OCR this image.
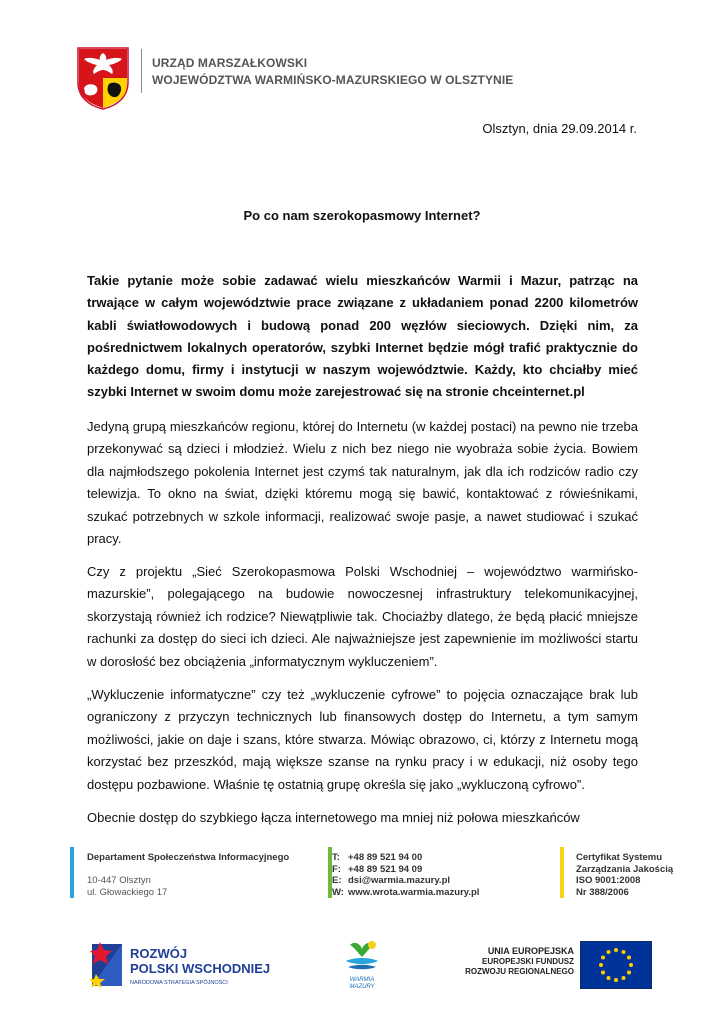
URZĄD MARSZAŁKOWSKI
WOJEWÓDZTWA WARMIŃSKO-MAZURSKIEGO W OLSZTYNIE
Olsztyn, dnia 29.09.2014 r.
Po co nam szerokopasmowy Internet?

Takie pytanie może sobie zadawać wielu mieszkańców Warmii i Mazur, patrząc na trwające w całym województwie prace związane z układaniem ponad 2200 kilometrów kabli światłowodowych i budową ponad 200 węzłów sieciowych. Dzięki nim, za pośrednictwem lokalnych operatorów, szybki Internet będzie mógł trafić praktycznie do każdego domu, firmy i instytucji w naszym województwie. Każdy, kto chciałby mieć szybki Internet w swoim domu może zarejestrować się na stronie chceinternet.pl

Jedyną grupą mieszkańców regionu, której do Internetu (w każdej postaci) na pewno nie trzeba przekonywać są dzieci i młodzież. Wielu z nich bez niego nie wyobraża sobie życia. Bowiem dla najmłodszego pokolenia Internet jest czymś tak naturalnym, jak dla ich rodziców radio czy telewizja. To okno na świat, dzięki któremu mogą się bawić, kontaktować z rówieśnikami, szukać potrzebnych w szkole informacji, realizować swoje pasje, a nawet studiować i szukać pracy.

Czy z projektu „Sieć Szerokopasmowa Polski Wschodniej – województwo warmińsko-mazurskie”, polegającego na budowie nowoczesnej infrastruktury telekomunikacyjnej, skorzystają również ich rodzice? Niewątpliwie tak. Chociażby dlatego, że będą płacić mniejsze rachunki za dostęp do sieci ich dzieci. Ale najważniejsze jest zapewnienie im możliwości startu w dorosłość bez obciążenia „informatycznym wykluczeniem”.

„Wykluczenie informatyczne” czy też „wykluczenie cyfrowe” to pojęcia oznaczające brak lub ograniczony z przyczyn technicznych lub finansowych dostęp do Internetu, a tym samym możliwości, jakie on daje i szans, które stwarza. Mówiąc obrazowo, ci, którzy z Internetu mogą korzystać bez przeszkód, mają większe szanse na rynku pracy i w edukacji, niż osoby tego dostępu pozbawione. Właśnie tę ostatnią grupę określa się jako „wykluczoną cyfrowo”.

Obecnie dostęp do szybkiego łącza internetowego ma mniej niż połowa mieszkańców

Departament Społeczeństwa Informacyjnego
10-447 Olsztyn
ul. Głowackiego 17
T: +48 89 521 94 00
F: +48 89 521 94 09
E: dsi@warmia.mazury.pl
W: www.wrota.warmia.mazury.pl
Certyfikat Systemu
Zarządzania Jakością
ISO 9001:2008
Nr 388/2006
ROZWÓJ
POLSKI WSCHODNIEJ
NARODOWA STRATEGIA SPÓJNOŚCI	WARMIA
MAZURY
UNIA EUROPEJSKA
EUROPEJSKI FUNDUSZ
ROZWOJU REGIONALNEGO
